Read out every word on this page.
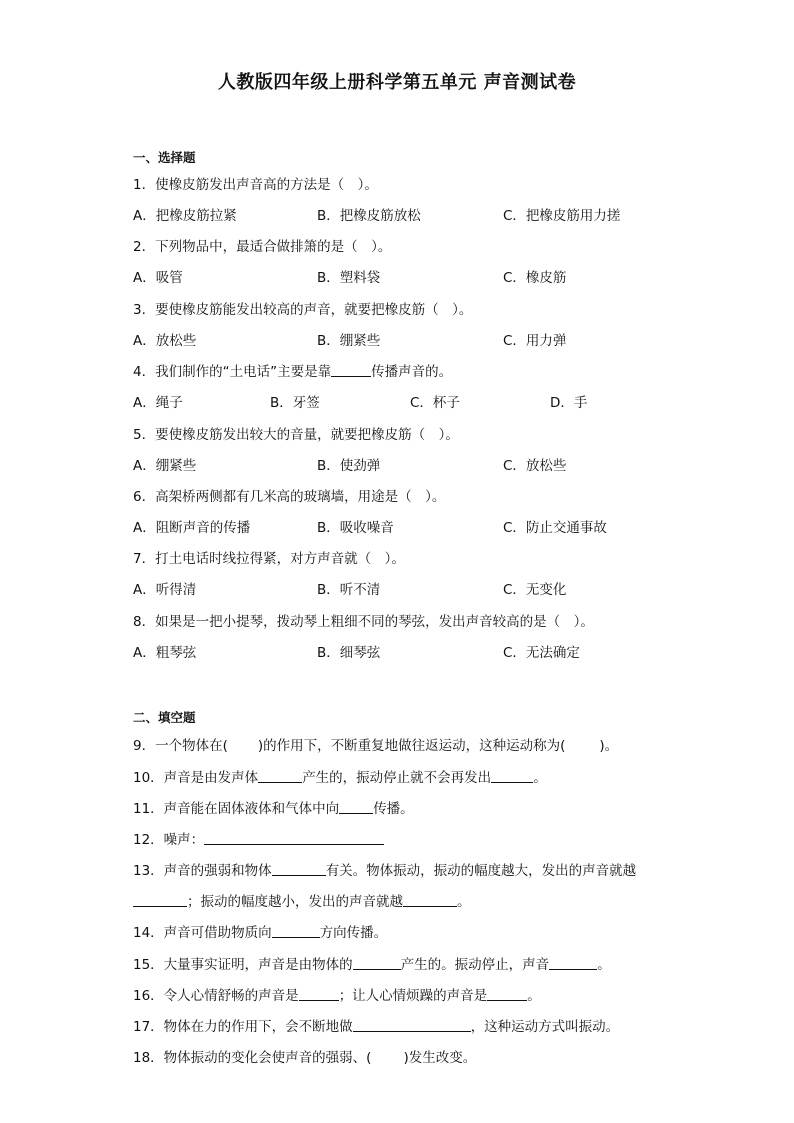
人教版四年级上册科学第五单元 声音测试卷
一、选择题
1．使橡皮筋发出声音高的方法是（　）。
A．把橡皮筋拉紧	B．把橡皮筋放松	C．把橡皮筋用力搓
2．下列物品中，最适合做排箫的是（　）。
A．吸管	B．塑料袋	C．橡皮筋
3．要使橡皮筋能发出较高的声音，就要把橡皮筋（　）。
A．放松些	B．绷紧些	C．用力弹
4．我们制作的“土电话”主要是靠	传播声音的。
A．绳子	B．牙签	C．杯子	D．手
5．要使橡皮筋发出较大的音量，就要把橡皮筋（　）。
A．绷紧些	B．使劲弹	C．放松些
6．高架桥两侧都有几米高的玻璃墙，用途是（　）。
A．阻断声音的传播	B．吸收噪音	C．防止交通事故
7．打土电话时线拉得紧，对方声音就（　）。
A．听得清	B．听不清	C．无变化
8．如果是一把小提琴，拨动琴上粗细不同的琴弦，发出声音较高的是（　）。
A．粗琴弦	B．细琴弦	C．无法确定
二、填空题
9．一个物体在( )的作用下，不断重复地做往返运动，这种运动称为(	)。
10．声音是由发声体	产生的，振动停止就不会再发出	。
11．声音能在固体液体和气体中向	传播。
12．噪声：
13．声音的强弱和物体	有关。物体振动，振动的幅度越大，发出的声音就越
；振动的幅度越小，发出的声音就越	。
14．声音可借助物质向	方向传播。
15．大量事实证明，声音是由物体的	产生的。振动停止，声音	。
16．令人心情舒畅的声音是	；让人心情烦躁的声音是	。
17．物体在力的作用下，会不断地做	，这种运动方式叫振动。
18．物体振动的变化会使声音的强弱、( )发生改变。
